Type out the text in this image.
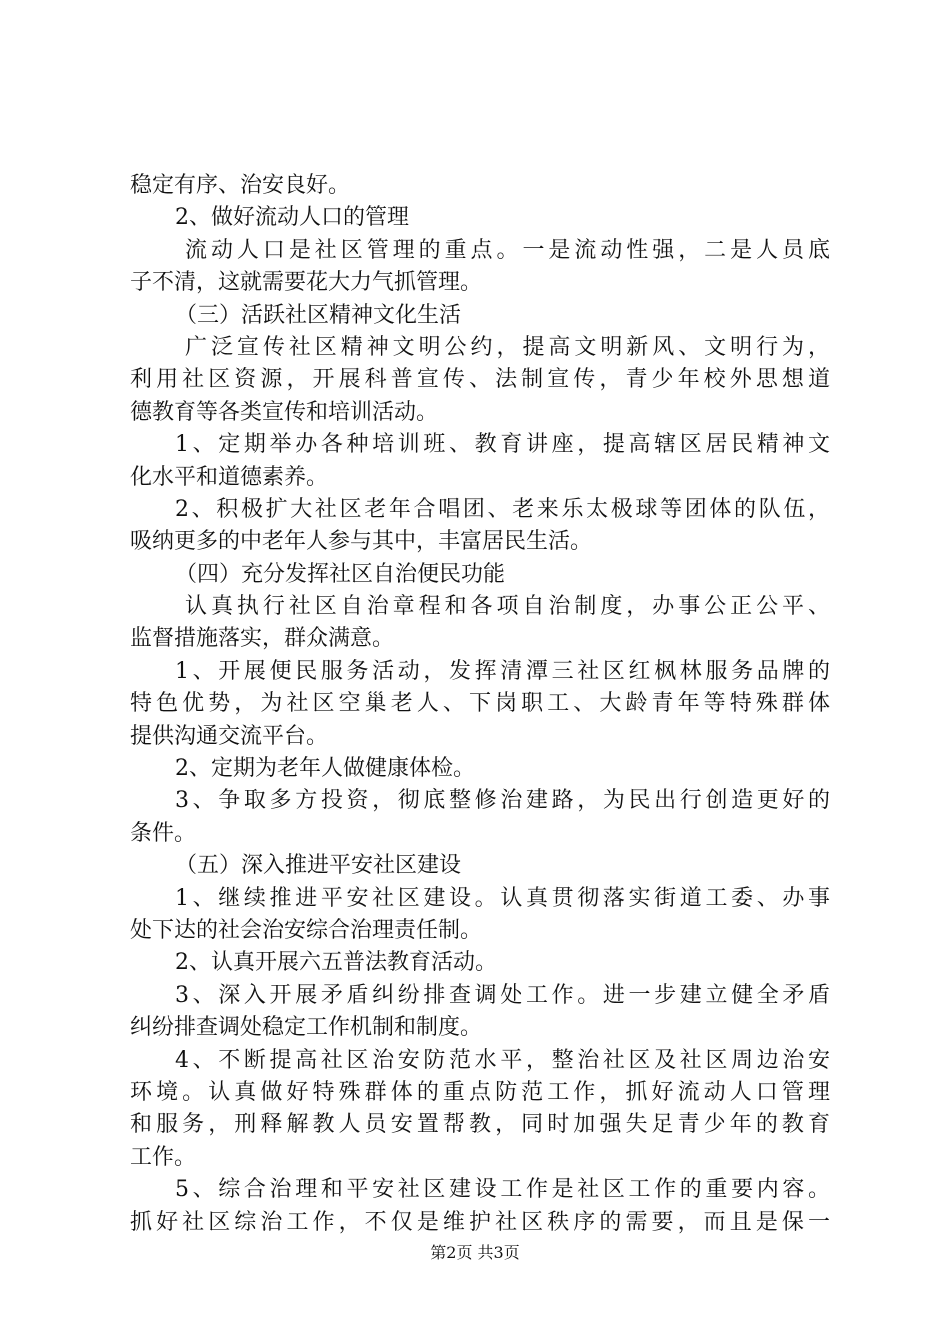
稳定有序、治安良好。
2、做好流动人口的管理
流动人口是社区管理的重点。一是流动性强，二是人员底
子不清，这就需要花大力气抓管理。
（三）活跃社区精神文化生活
广泛宣传社区精神文明公约，提高文明新风、文明行为，
利用社区资源，开展科普宣传、法制宣传，青少年校外思想道
德教育等各类宣传和培训活动。
1、定期举办各种培训班、教育讲座，提高辖区居民精神文
化水平和道德素养。
2、积极扩大社区老年合唱团、老来乐太极球等团体的队伍，
吸纳更多的中老年人参与其中，丰富居民生活。
（四）充分发挥社区自治便民功能
认真执行社区自治章程和各项自治制度，办事公正公平、
监督措施落实，群众满意。
1、开展便民服务活动，发挥清潭三社区红枫林服务品牌的
特色优势，为社区空巢老人、下岗职工、大龄青年等特殊群体
提供沟通交流平台。
2、定期为老年人做健康体检。
3、争取多方投资，彻底整修治建路，为民出行创造更好的
条件。
（五）深入推进平安社区建设
1、继续推进平安社区建设。认真贯彻落实街道工委、办事
处下达的社会治安综合治理责任制。
2、认真开展六五普法教育活动。
3、深入开展矛盾纠纷排查调处工作。进一步建立健全矛盾
纠纷排查调处稳定工作机制和制度。
4、不断提高社区治安防范水平，整治社区及社区周边治安
环境。认真做好特殊群体的重点防范工作，抓好流动人口管理
和服务，刑释解教人员安置帮教，同时加强失足青少年的教育
工作。
5、综合治理和平安社区建设工作是社区工作的重要内容。
抓好社区综治工作，不仅是维护社区秩序的需要，而且是保一
第2页 共3页
